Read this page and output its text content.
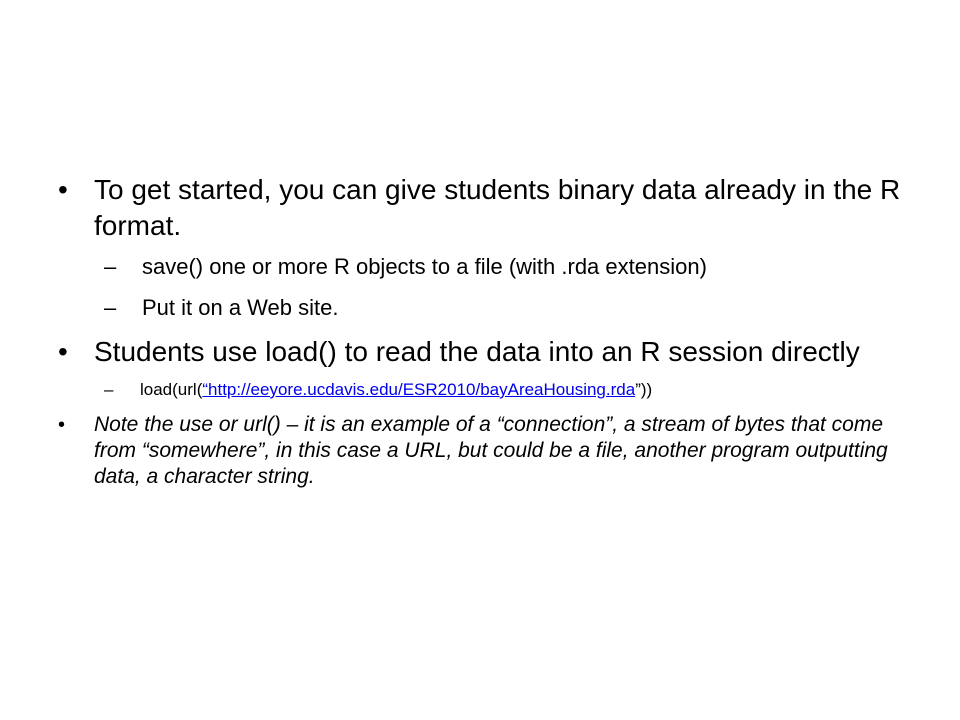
• To get started, you can give students binary data already in the R format.
– save() one or more R objects to a file (with .rda extension)
– Put it on a Web site.
• Students use load() to read the data into an R session directly
– load(url(“http://eeyore.ucdavis.edu/ESR2010/bayAreaHousing.rda”))
• Note the use or url() – it is an example of a “connection”, a stream of bytes that come from “somewhere”, in this case a URL, but could be a file, another program outputting data, a character string.
